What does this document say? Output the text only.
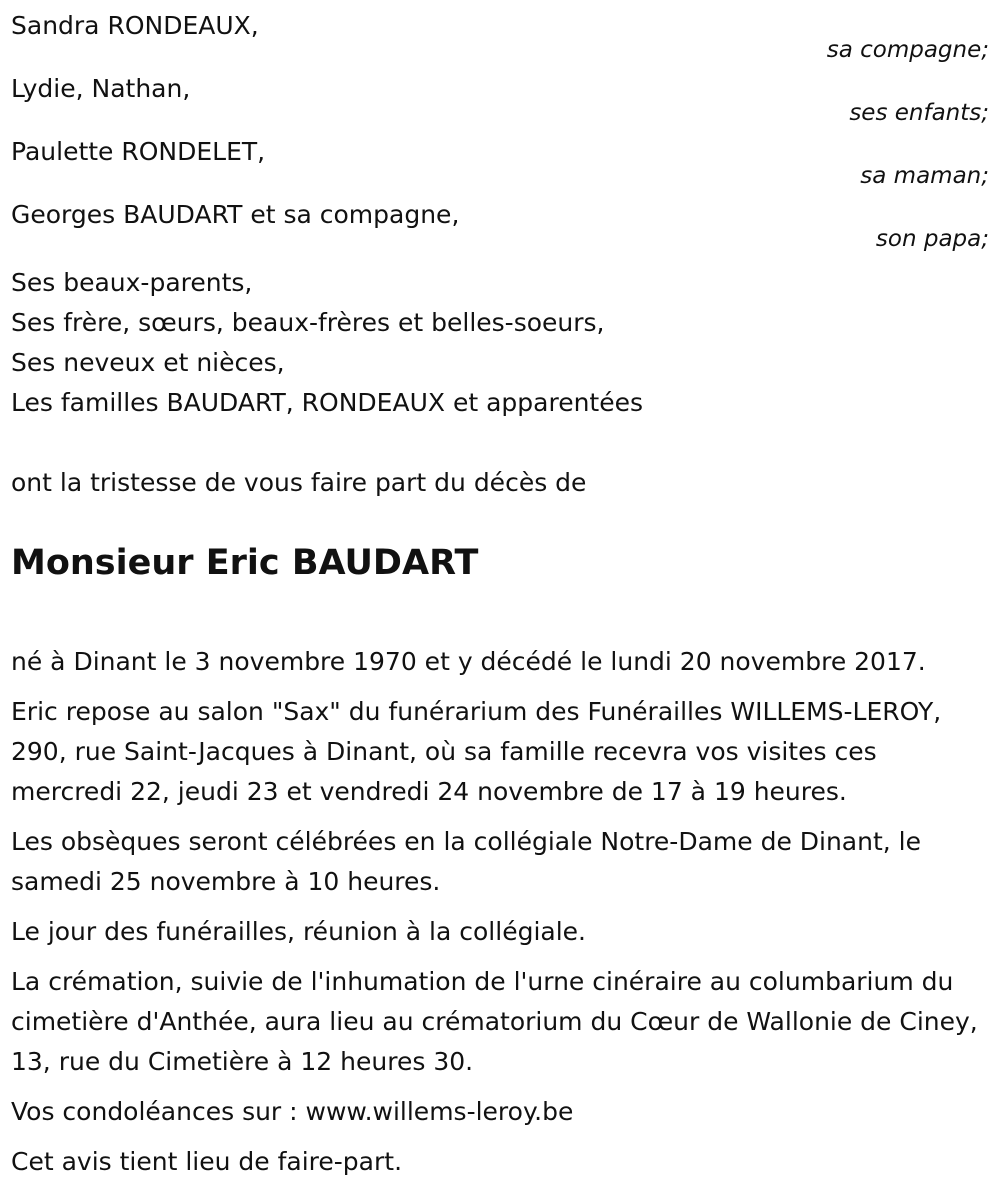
Sandra RONDEAUX,
sa compagne;
Lydie, Nathan,
ses enfants;
Paulette RONDELET,
sa maman;
Georges BAUDART et sa compagne,
son papa;
Ses beaux-parents,
Ses frère, sœurs, beaux-frères et belles-soeurs,
Ses neveux et nièces,
Les familles BAUDART, RONDEAUX et apparentées
ont la tristesse de vous faire part du décès de
Monsieur Eric BAUDART

né à Dinant le 3 novembre 1970 et y décédé le lundi 20 novembre 2017.

Eric repose au salon "Sax" du funérarium des Funérailles WILLEMS-LEROY, 290, rue Saint-Jacques à Dinant, où sa famille recevra vos visites ces mercredi 22, jeudi 23 et vendredi 24 novembre de 17 à 19 heures.

Les obsèques seront célébrées en la collégiale Notre-Dame de Dinant, le samedi 25 novembre à 10 heures.

Le jour des funérailles, réunion à la collégiale.

La crémation, suivie de l'inhumation de l'urne cinéraire au columbarium du cimetière d'Anthée, aura lieu au crématorium du Cœur de Wallonie de Ciney, 13, rue du Cimetière à 12 heures 30.

Vos condoléances sur : www.willems-leroy.be

Cet avis tient lieu de faire-part.
